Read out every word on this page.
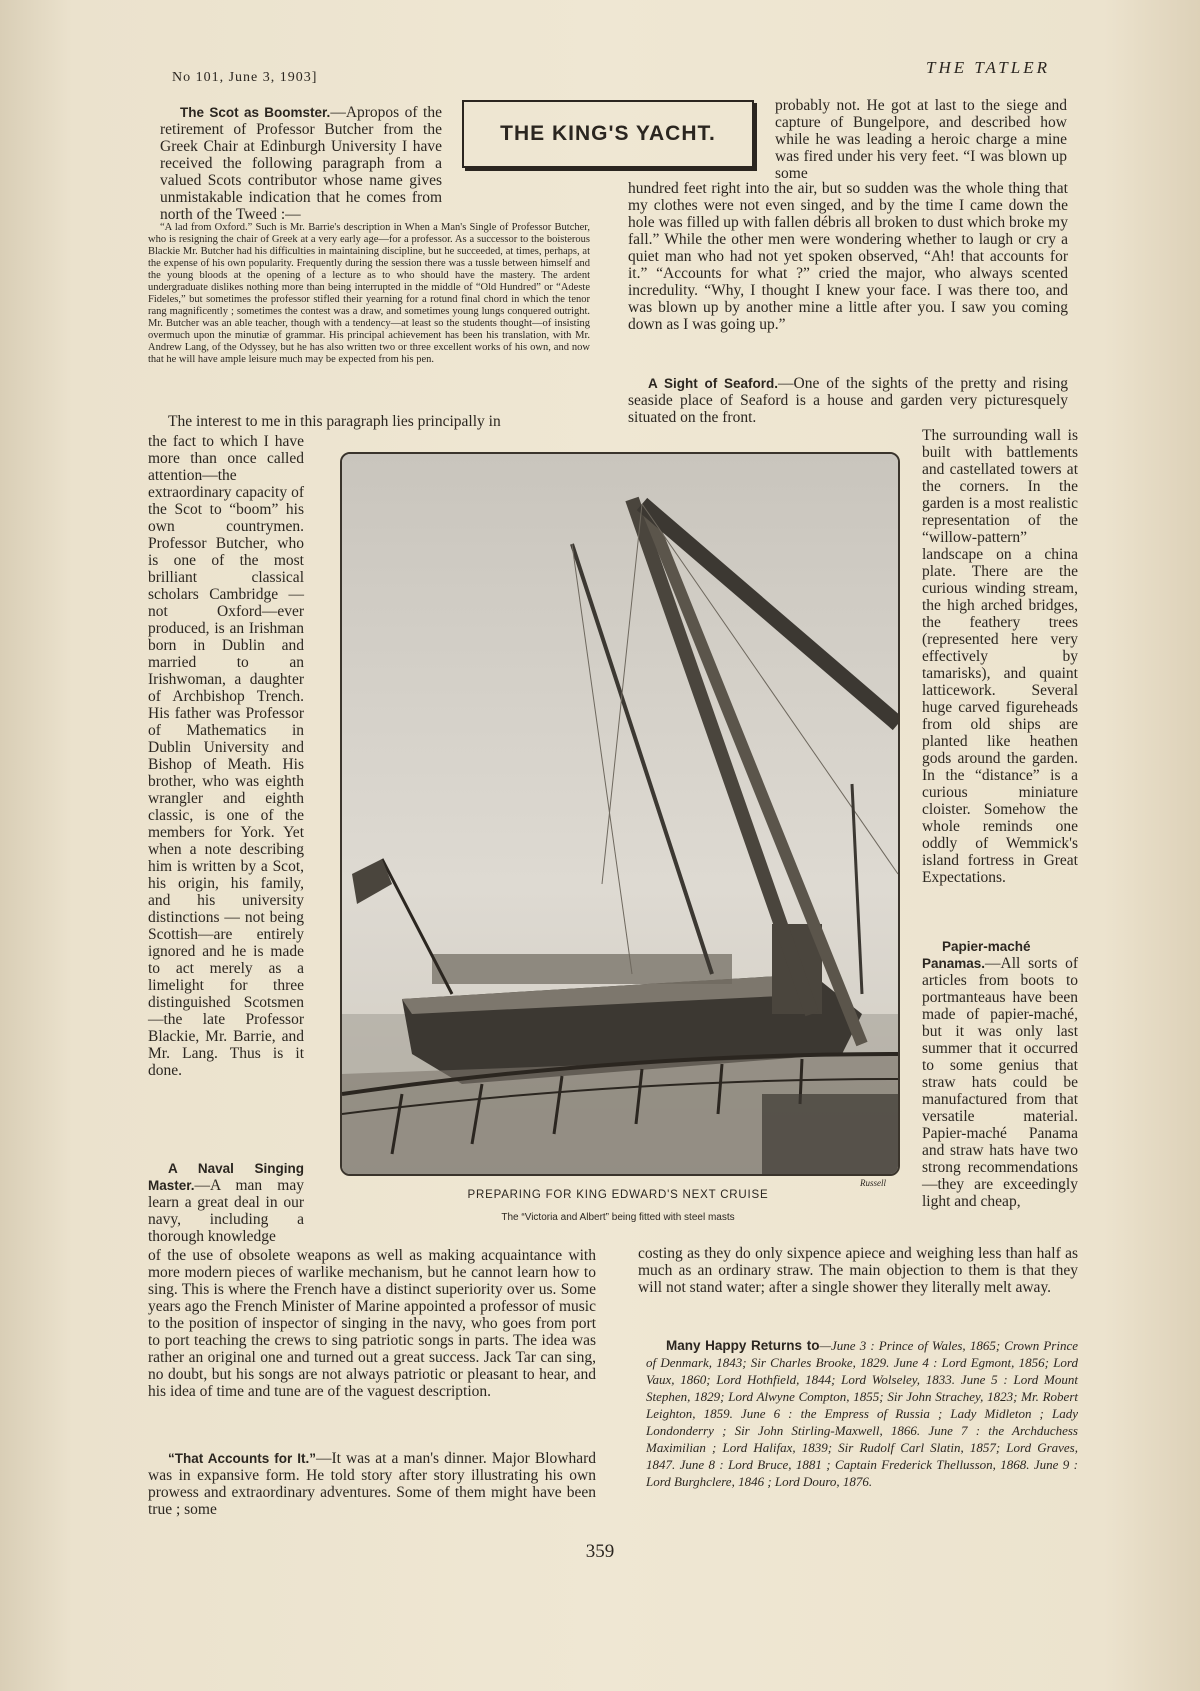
No 101, June 3, 1903]
THE TATLER
THE KING'S YACHT.

The Scot as Boomster.—Apropos of the retirement of Professor Butcher from the Greek Chair at Edinburgh University I have received the following paragraph from a valued Scots contributor whose name gives unmistakable indication that he comes from north of the Tweed :—

“A lad from Oxford.” Such is Mr. Barrie's description in When a Man's Single of Professor Butcher, who is resigning the chair of Greek at a very early age—for a professor. As a successor to the boisterous Blackie Mr. Butcher had his difficulties in maintaining discipline, but he succeeded, at times, perhaps, at the expense of his own popularity. Frequently during the session there was a tussle between himself and the young bloods at the opening of a lecture as to who should have the mastery. The ardent undergraduate dislikes nothing more than being interrupted in the middle of “Old Hundred” or “Adeste Fideles,” but sometimes the professor stifled their yearning for a rotund final chord in which the tenor rang magnificently ; sometimes the contest was a draw, and sometimes young lungs conquered outright. Mr. Butcher was an able teacher, though with a tendency—at least so the students thought—of insisting overmuch upon the minutiæ of grammar. His principal achievement has been his translation, with Mr. Andrew Lang, of the Odyssey, but he has also written two or three excellent works of his own, and now that he will have ample leisure much may be expected from his pen.

The interest to me in this paragraph lies principally in

the fact to which I have more than once called attention—the extraordinary capacity of the Scot to “boom” his own countrymen. Professor Butcher, who is one of the most brilliant classical scholars Cambridge —not Oxford—ever produced, is an Irishman born in Dublin and married to an Irishwoman, a daughter of Archbishop Trench. His father was Professor of Mathematics in Dublin University and Bishop of Meath. His brother, who was eighth wrangler and eighth classic, is one of the members for York. Yet when a note describing him is written by a Scot, his origin, his family, and his university distinctions — not being Scottish—are entirely ignored and he is made to act merely as a limelight for three distinguished Scotsmen—the late Professor Blackie, Mr. Barrie, and Mr. Lang. Thus is it done.

A Naval Singing Master.—A man may learn a great deal in our navy, including a thorough knowledge

of the use of obsolete weapons as well as making acquaintance with more modern pieces of warlike mechanism, but he cannot learn how to sing. This is where the French have a distinct superiority over us. Some years ago the French Minister of Marine appointed a professor of music to the position of inspector of singing in the navy, who goes from port to port teaching the crews to sing patriotic songs in parts. The idea was rather an original one and turned out a great success. Jack Tar can sing, no doubt, but his songs are not always patriotic or pleasant to hear, and his idea of time and tune are of the vaguest description.

“That Accounts for It.”—It was at a man's dinner. Major Blowhard was in expansive form. He told story after story illustrating his own prowess and extraordinary adventures. Some of them might have been true ; some

probably not. He got at last to the siege and capture of Bungelpore, and described how while he was leading a heroic charge a mine was fired under his very feet. “I was blown up some

hundred feet right into the air, but so sudden was the whole thing that my clothes were not even singed, and by the time I came down the hole was filled up with fallen débris all broken to dust which broke my fall.” While the other men were wondering whether to laugh or cry a quiet man who had not yet spoken observed, “Ah! that accounts for it.” “Accounts for what ?” cried the major, who always scented incredulity. “Why, I thought I knew your face. I was there too, and was blown up by another mine a little after you. I saw you coming down as I was going up.”

A Sight of Seaford.—One of the sights of the pretty and rising seaside place of Seaford is a house and garden very picturesquely situated on the front.

The surrounding wall is built with battlements and castellated towers at the corners. In the garden is a most realistic representation of the “willow-pattern” landscape on a china plate. There are the curious winding stream, the high arched bridges, the feathery trees (represented here very effectively by tamarisks), and quaint latticework. Several huge carved figureheads from old ships are planted like heathen gods around the garden. In the “distance” is a curious miniature cloister. Somehow the whole reminds one oddly of Wemmick's island fortress in Great Expectations.

Papier-maché Panamas.—All sorts of articles from boots to portmanteaus have been made of papier-maché, but it was only last summer that it occurred to some genius that straw hats could be manufactured from that versatile material. Papier-maché Panama and straw hats have two strong recommendations—they are exceedingly light and cheap,

costing as they do only sixpence apiece and weighing less than half as much as an ordinary straw. The main objection to them is that they will not stand water; after a single shower they literally melt away.

Many Happy Returns to—June 3 : Prince of Wales, 1865; Crown Prince of Denmark, 1843; Sir Charles Brooke, 1829. June 4 : Lord Egmont, 1856; Lord Vaux, 1860; Lord Hothfield, 1844; Lord Wolseley, 1833. June 5 : Lord Mount Stephen, 1829; Lord Alwyne Compton, 1855; Sir John Strachey, 1823; Mr. Robert Leighton, 1859. June 6 : the Empress of Russia ; Lady Midleton ; Lady Londonderry ; Sir John Stirling-Maxwell, 1866. June 7 : the Archduchess Maximilian ; Lord Halifax, 1839; Sir Rudolf Carl Slatin, 1857; Lord Graves, 1847. June 8 : Lord Bruce, 1881 ; Captain Frederick Thellusson, 1868. June 9 : Lord Burghclere, 1846 ; Lord Douro, 1876.

Russell
PREPARING FOR KING EDWARD'S NEXT CRUISE
The “Victoria and Albert” being fitted with steel masts
359
